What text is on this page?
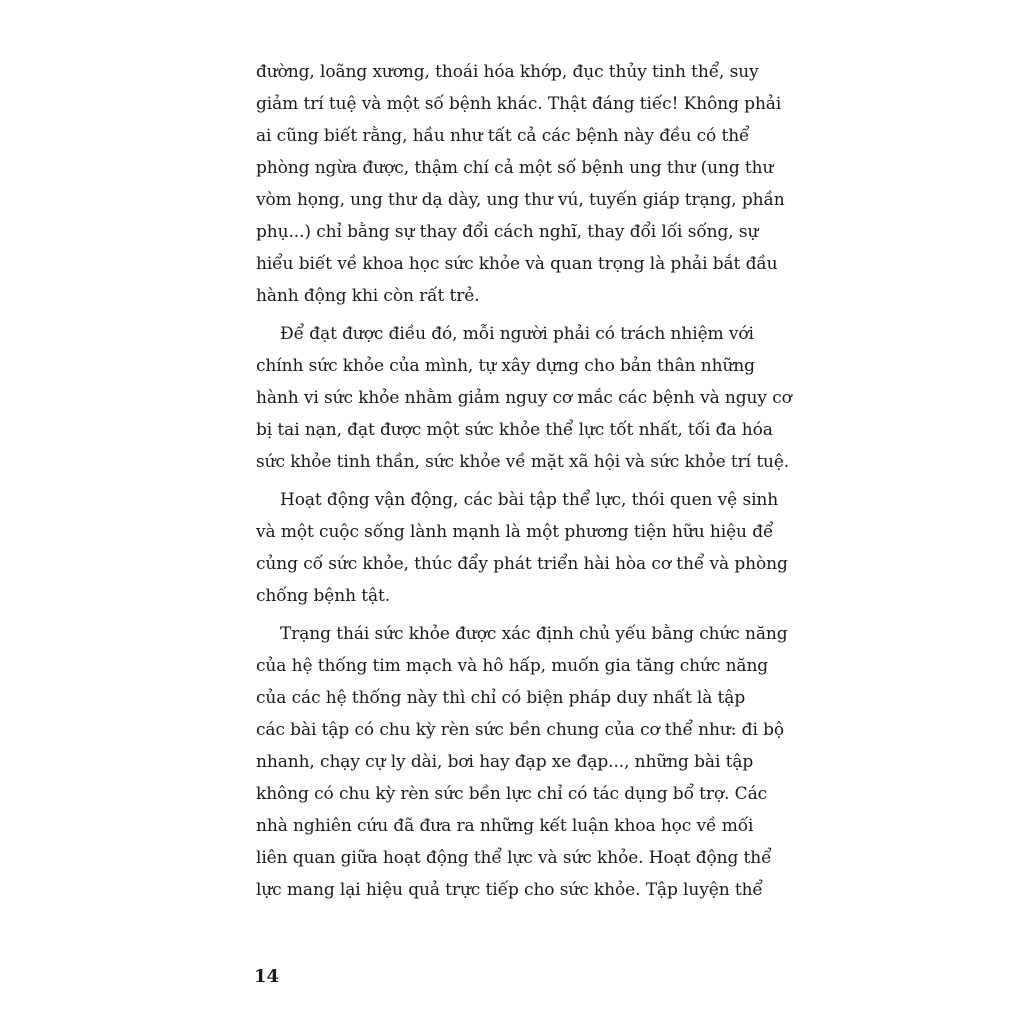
đường, loãng xương, thoái hóa khớp, đục thủy tinh thể, suy
giảm trí tuệ và một số bệnh khác. Thật đáng tiếc! Không phải
ai cũng biết rằng, hầu như tất cả các bệnh này đều có thể
phòng ngừa được, thậm chí cả một số bệnh ung thư (ung thư
vòm họng, ung thư dạ dày, ung thư vú, tuyến giáp trạng, phần
phụ...) chỉ bằng sự thay đổi cách nghĩ, thay đổi lối sống, sự
hiểu biết về khoa học sức khỏe và quan trọng là phải bắt đầu
hành động khi còn rất trẻ.
Để đạt được điều đó, mỗi người phải có trách nhiệm với
chính sức khỏe của mình, tự xây dựng cho bản thân những
hành vi sức khỏe nhằm giảm nguy cơ mắc các bệnh và nguy cơ
bị tai nạn, đạt được một sức khỏe thể lực tốt nhất, tối đa hóa
sức khỏe tinh thần, sức khỏe về mặt xã hội và sức khỏe trí tuệ.
Hoạt động vận động, các bài tập thể lực, thói quen vệ sinh
và một cuộc sống lành mạnh là một phương tiện hữu hiệu để
củng cố sức khỏe, thúc đẩy phát triển hài hòa cơ thể và phòng
chống bệnh tật.
Trạng thái sức khỏe được xác định chủ yếu bằng chức năng
của hệ thống tim mạch và hô hấp, muốn gia tăng chức năng
của các hệ thống này thì chỉ có biện pháp duy nhất là tập
các bài tập có chu kỳ rèn sức bền chung của cơ thể như: đi bộ
nhanh, chạy cự ly dài, bơi hay đạp xe đạp..., những bài tập
không có chu kỳ rèn sức bền lực chỉ có tác dụng bổ trợ. Các
nhà nghiên cứu đã đưa ra những kết luận khoa học về mối
liên quan giữa hoạt động thể lực và sức khỏe. Hoạt động thể
lực mang lại hiệu quả trực tiếp cho sức khỏe. Tập luyện thể
14
